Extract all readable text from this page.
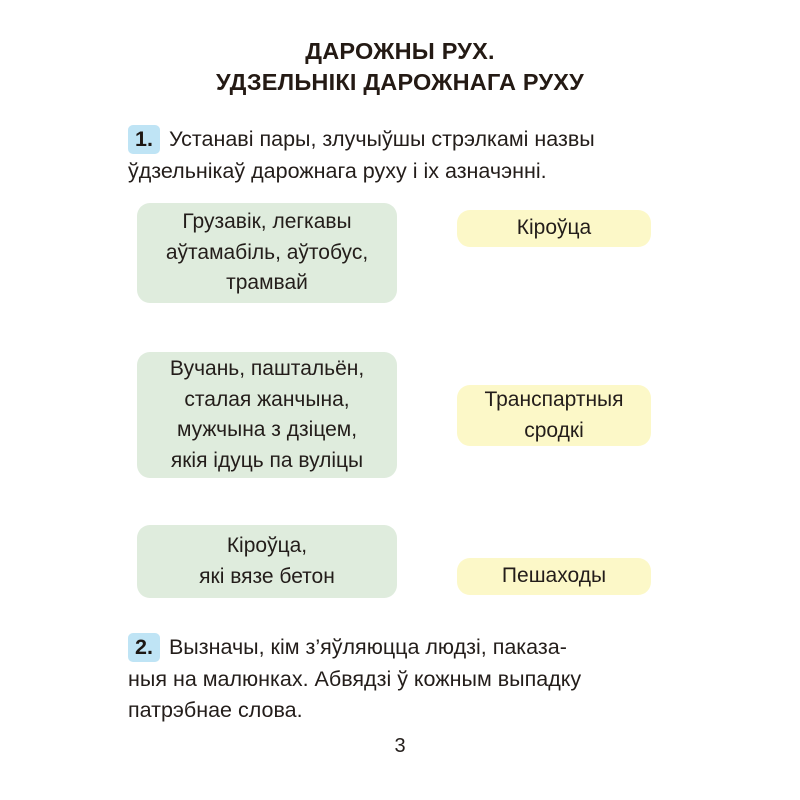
ДАРОЖНЫ РУХ.
УДЗЕЛЬНІКІ ДАРОЖНАГА РУХУ
1. Устанаві пары, злучыўшы стрэлкамі назвы
ўдзельнікаў дарожнага руху і іх азначэнні.
Грузавік, легкавы
аўтамабіль, аўтобус,
трамвай
Вучань, паштальён,
сталая жанчына,
мужчына з дзіцем,
якія ідуць па вуліцы
Кіроўца,
які вязе бетон
Кіроўца
Транспартныя
сродкі
Пешаходы
2. Вызначы, кім з’яўляюцца людзі, паказа-
ныя на малюнках. Абвядзі ў кожным выпадку
патрэбнае слова.
3
